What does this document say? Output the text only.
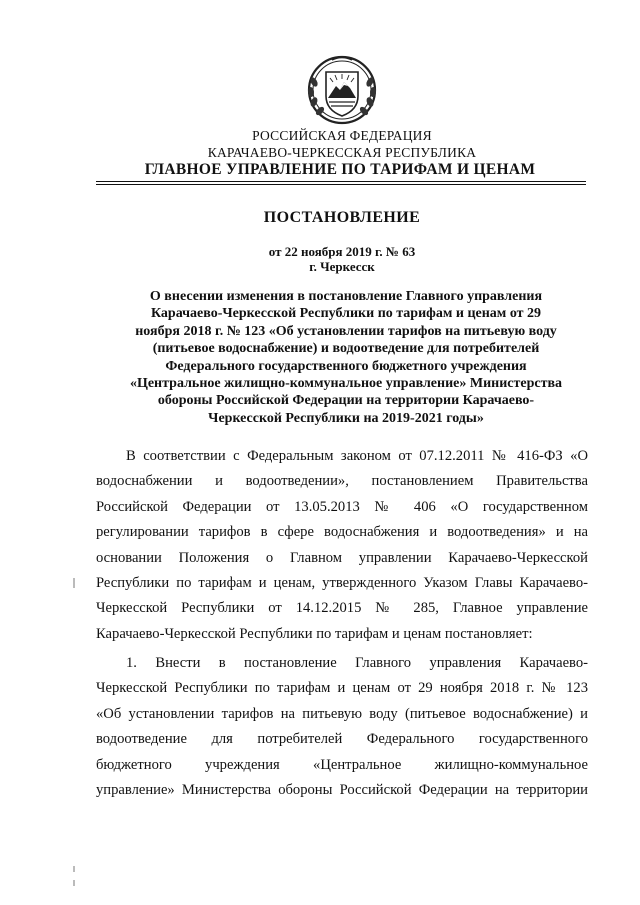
РОССИЙСКАЯ ФЕДЕРАЦИЯ

КАРАЧАЕВО-ЧЕРКЕССКАЯ РЕСПУБЛИКА

ГЛАВНОЕ УПРАВЛЕНИЕ ПО ТАРИФАМ И ЦЕНАМ

ПОСТАНОВЛЕНИЕ

от 22 ноября 2019 г. № 63

г. Черкесск

О внесении изменения в постановление Главного управления
Карачаево-Черкесской Республики по тарифам и ценам от 29
ноября 2018 г. № 123 «Об установлении тарифов на питьевую воду
(питьевое водоснабжение) и водоотведение для потребителей
Федерального государственного бюджетного учреждения
«Центральное жилищно-коммунальное управление» Министерства
обороны Российской Федерации на территории Карачаево-
Черкесской Республики на 2019-2021 годы»

В соответствии с Федеральным законом от 07.12.2011 № 416-ФЗ «О
водоснабжении и водоотведении», постановлением Правительства
Российской Федерации от 13.05.2013 № 406 «О государственном
регулировании тарифов в сфере водоснабжения и водоотведения» и на
основании Положения о Главном управлении Карачаево-Черкесской
Республики по тарифам и ценам, утвержденного Указом Главы Карачаево-
Черкесской Республики от 14.12.2015 № 285, Главное управление
Карачаево-Черкесской Республики по тарифам и ценам постановляет:
1. Внести в постановление Главного управления Карачаево-
Черкесской Республики по тарифам и ценам от 29 ноября 2018 г. № 123
«Об установлении тарифов на питьевую воду (питьевое водоснабжение) и
водоотведение для потребителей Федерального государственного
бюджетного учреждения «Центральное жилищно-коммунальное
управление» Министерства обороны Российской Федерации на территории
